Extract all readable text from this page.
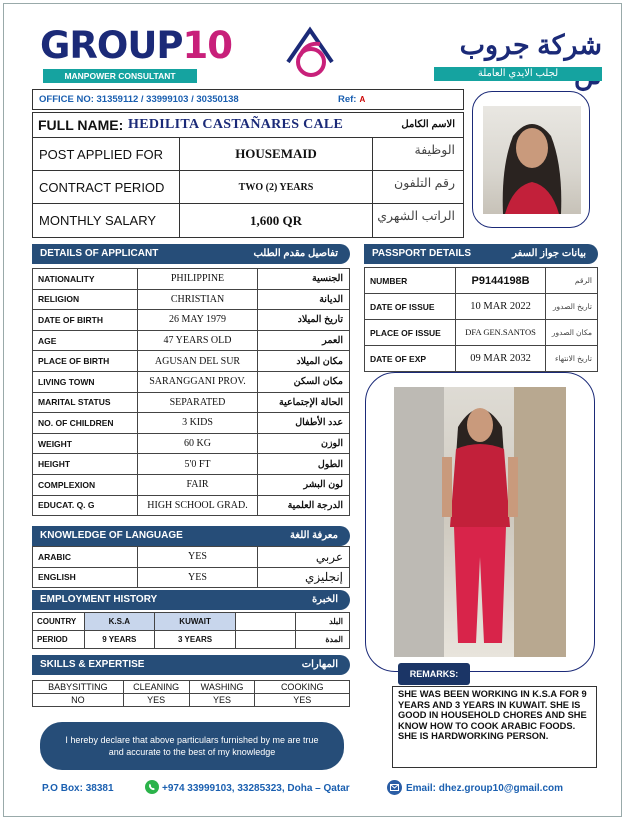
GROUP10
MANPOWER CONSULTANT
شركة جروب
لجلب الايدي العاملة
OFFICE NO: 31359112 / 33999103 / 30350138	Ref: A
FULL NAME: HEDILITA CASTAÑARES CALE	الاسم الكامل
POST APPLIED FOR	HOUSEMAID	الوظيفة
CONTRACT PERIOD	TWO (2) YEARS	رقم التلفون
MONTHLY SALARY	1,600 QR	الراتب الشهري
DETAILS OF APPLICANT	تفاصيل مقدم الطلب
NATIONALITY	PHILIPPINE	الجنسية
RELIGION	CHRISTIAN	الديانة
DATE OF BIRTH	26 MAY 1979	تاريخ الميلاد
AGE	47 YEARS OLD	العمر
PLACE OF BIRTH	AGUSAN DEL SUR	مكان الميلاد
LIVING TOWN	SARANGGANI PROV.	مكان السكن
MARITAL STATUS	SEPARATED	الحالة الإجتماعية
NO. OF CHILDREN	3 KIDS	عدد الأطفال
WEIGHT	60 KG	الوزن
HEIGHT	5'0 FT	الطول
COMPLEXION	FAIR	لون البشر
EDUCAT. Q. G	HIGH SCHOOL GRAD.	الدرجة العلمية
PASSPORT DETAILS	بيانات جواز السفر
NUMBER	P9144198B	الرقم
DATE OF ISSUE	10 MAR 2022	تاريخ الصدور
PLACE OF ISSUE	DFA GEN.SANTOS	مكان الصدور
DATE OF EXP	09 MAR 2032	تاريخ الانتهاء
KNOWLEDGE OF LANGUAGE	معرفة اللغة
ARABIC	YES	عربي
ENGLISH	YES	إنجليزي
EMPLOYMENT HISTORY	الخبرة
COUNTRY	K.S.A	KUWAIT		البلد
PERIOD	9 YEARS	3 YEARS		المدة
SKILLS & EXPERTISE	المهارات
BABYSITTING	CLEANING	WASHING	COOKING
NO	YES	YES	YES
REMARKS:
SHE WAS BEEN WORKING IN K.S.A FOR 9 YEARS AND 3 YEARS IN KUWAIT. SHE IS GOOD IN HOUSEHOLD CHORES AND SHE KNOW HOW TO COOK ARABIC FOODS. SHE IS HARDWORKING PERSON.
I hereby declare that above particulars furnished by me are true and accurate to the best of my knowledge
P.O Box: 38381	+974 33999103, 33285323, Doha – Qatar	Email: dhez.group10@gmail.com
